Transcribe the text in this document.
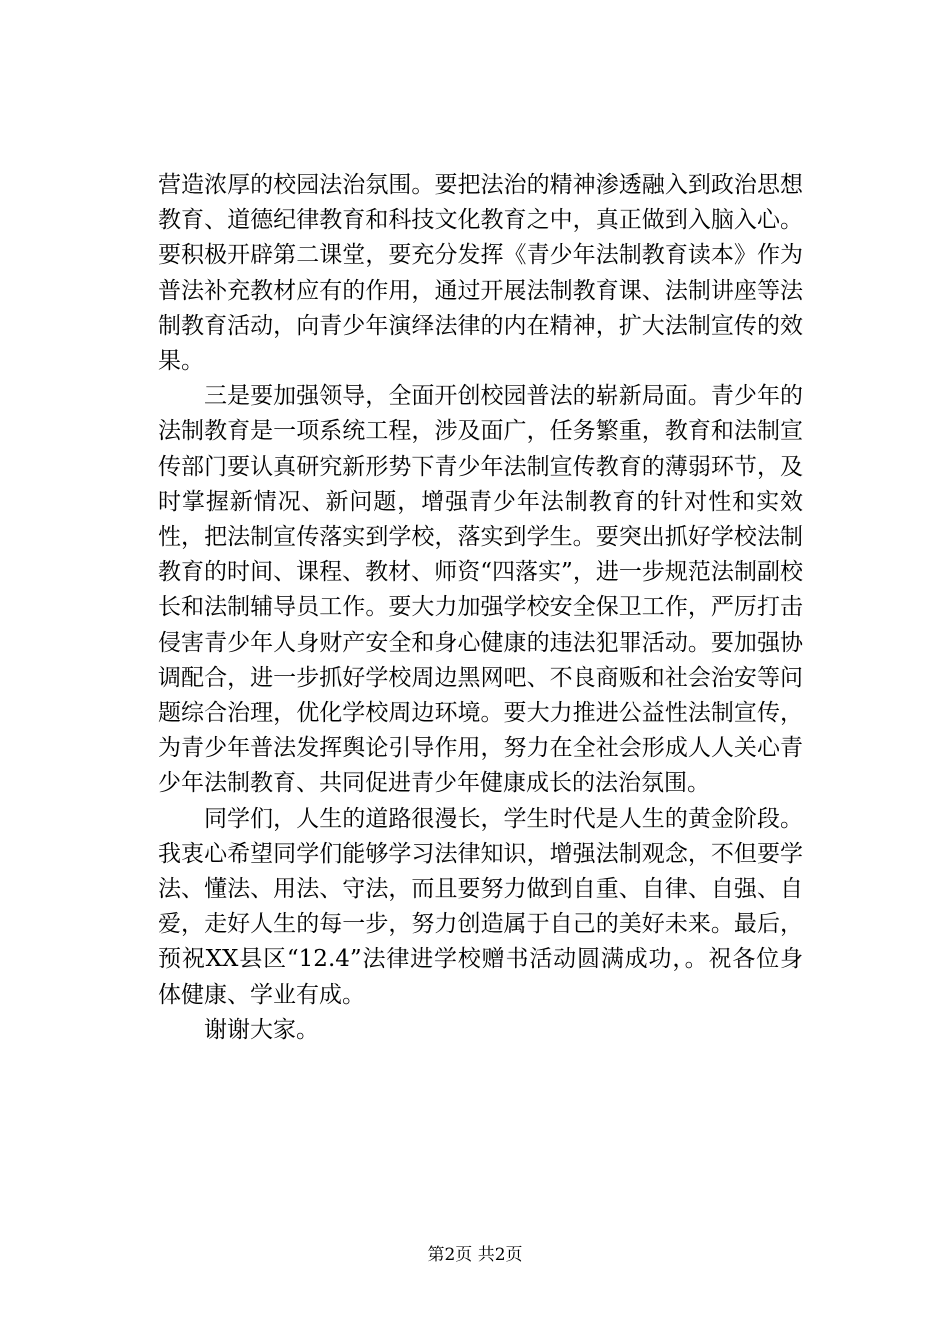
营造浓厚的校园法治氛围。要把法治的精神渗透融入到政治思想教育、道德纪律教育和科技文化教育之中，真正做到入脑入心。要积极开辟第二课堂，要充分发挥《青少年法制教育读本》作为普法补充教材应有的作用，通过开展法制教育课、法制讲座等法制教育活动，向青少年演绎法律的内在精神，扩大法制宣传的效果。

三是要加强领导，全面开创校园普法的崭新局面。青少年的法制教育是一项系统工程，涉及面广，任务繁重，教育和法制宣传部门要认真研究新形势下青少年法制宣传教育的薄弱环节，及时掌握新情况、新问题，增强青少年法制教育的针对性和实效性，把法制宣传落实到学校，落实到学生。要突出抓好学校法制教育的时间、课程、教材、师资“四落实”，进一步规范法制副校长和法制辅导员工作。要大力加强学校安全保卫工作，严厉打击侵害青少年人身财产安全和身心健康的违法犯罪活动。要加强协调配合，进一步抓好学校周边黑网吧、不良商贩和社会治安等问题综合治理，优化学校周边环境。要大力推进公益性法制宣传，为青少年普法发挥舆论引导作用，努力在全社会形成人人关心青少年法制教育、共同促进青少年健康成长的法治氛围。

同学们，人生的道路很漫长，学生时代是人生的黄金阶段。我衷心希望同学们能够学习法律知识，增强法制观念，不但要学法、懂法、用法、守法，而且要努力做到自重、自律、自强、自爱，走好人生的每一步，努力创造属于自己的美好未来。最后，预祝XX县区“12.4”法律进学校赠书活动圆满成功，。祝各位身体健康、学业有成。

谢谢大家。

第2页 共2页
